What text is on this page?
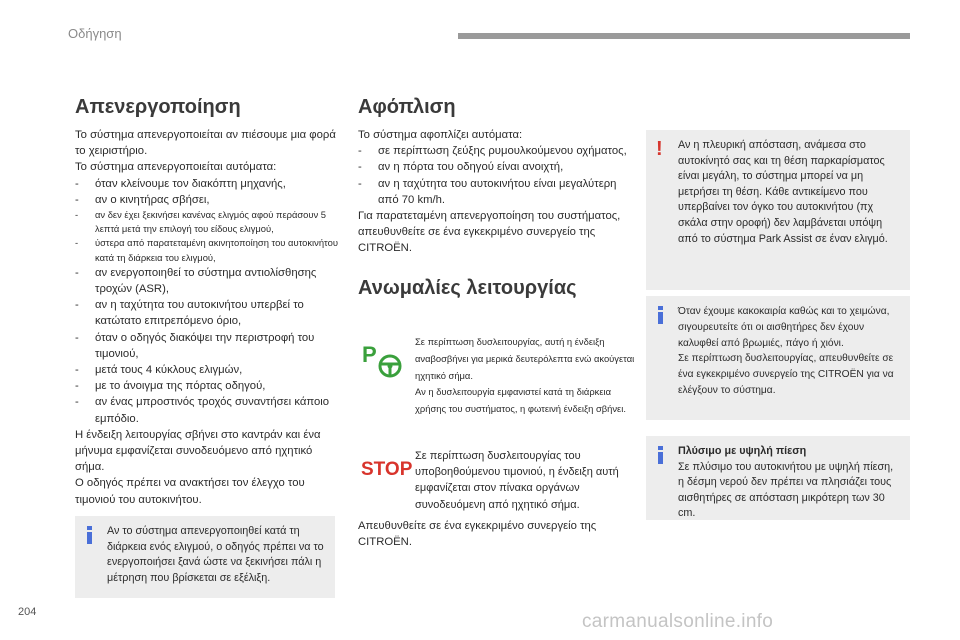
Οδήγηση
Απενεργοποίηση

Το σύστημα απενεργοποιείται αν πιέσουμε μια φορά το χειριστήριο.

Το σύστημα απενεργοποιείται αυτόματα:

- όταν κλείνουμε τον διακόπτη μηχανής,
- αν ο κινητήρας σβήσει,
- αν δεν έχει ξεκινήσει κανένας ελιγμός αφού περάσουν 5 λεπτά μετά την επιλογή του είδους ελιγμού,
- ύστερα από παρατεταμένη ακινητοποίηση του αυτοκινήτου κατά τη διάρκεια του ελιγμού,
- αν ενεργοποιηθεί το σύστημα αντιολίσθησης τροχών (ASR),
- αν η ταχύτητα του αυτοκινήτου υπερβεί το κατώτατο επιτρεπόμενο όριο,
- όταν ο οδηγός διακόψει την περιστροφή του τιμονιού,
- μετά τους 4 κύκλους ελιγμών,
- με το άνοιγμα της πόρτας οδηγού,
- αν ένας μπροστινός τροχός συναντήσει κάποιο εμπόδιο.

Η ένδειξη λειτουργίας σβήνει στο καντράν και ένα μήνυμα εμφανίζεται συνοδευόμενο από ηχητικό σήμα.

Ο οδηγός πρέπει να ανακτήσει τον έλεγχο του τιμονιού του αυτοκινήτου.

Αν το σύστημα απενεργοποιηθεί κατά τη διάρκεια ενός ελιγμού, ο οδηγός πρέπει να το ενεργοποιήσει ξανά ώστε να ξεκινήσει πάλι η μέτρηση που βρίσκεται σε εξέλιξη.

Αφόπλιση

Το σύστημα αφοπλίζει αυτόματα:

- σε περίπτωση ζεύξης ρυμουλκούμενου οχήματος,
- αν η πόρτα του οδηγού είναι ανοιχτή,
- αν η ταχύτητα του αυτοκινήτου είναι μεγαλύτερη από 70 km/h.

Για παρατεταμένη απενεργοποίηση του συστήματος, απευθυνθείτε σε ένα εγκεκριμένο συνεργείο της CITROËN.

Ανωμαλίες λειτουργίας
P

Σε περίπτωση δυσλειτουργίας, αυτή η ένδειξη αναβοσβήνει για μερικά δευτερόλεπτα ενώ ακούγεται ηχητικό σήμα.

Αν η δυσλειτουργία εμφανιστεί κατά τη διάρκεια χρήσης του συστήματος, η φωτεινή ένδειξη σβήνει.

STOP
Σε περίπτωση δυσλειτουργίας του υποβοηθούμενου τιμονιού, η ένδειξη αυτή εμφανίζεται στον πίνακα οργάνων συνοδευόμενη από ηχητικό σήμα.
Απευθυνθείτε σε ένα εγκεκριμένο συνεργείο της CITROËN.
! Αν η πλευρική απόσταση, ανάμεσα στο αυτοκίνητό σας και τη θέση παρκαρίσματος είναι μεγάλη, το σύστημα μπορεί να μη μετρήσει τη θέση. Κάθε αντικείμενο που υπερβαίνει τον όγκο του αυτοκινήτου (πχ σκάλα στην οροφή) δεν λαμβάνεται υπόψη από το σύστημα Park Assist σε έναν ελιγμό.

Όταν έχουμε κακοκαιρία καθώς και το χειμώνα, σιγουρευτείτε ότι οι αισθητήρες δεν έχουν καλυφθεί από βρωμιές, πάγο ή χιόνι.

Σε περίπτωση δυσλειτουργίας, απευθυνθείτε σε ένα εγκεκριμένο συνεργείο της CITROËN για να ελέγξουν το σύστημα.

Πλύσιμο με υψηλή πίεση

Σε πλύσιμο του αυτοκινήτου με υψηλή πίεση, η δέσμη νερού δεν πρέπει να πλησιάζει τους αισθητήρες σε απόσταση μικρότερη των 30 cm.

204	carmanualsonline.info
